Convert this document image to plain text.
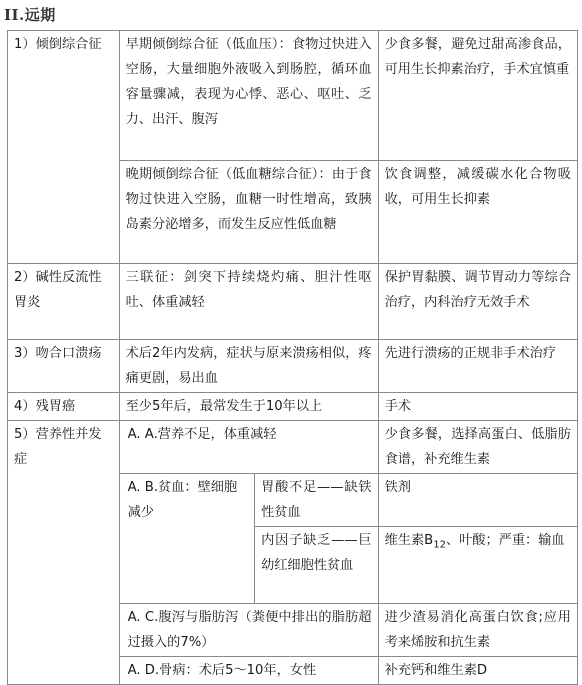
II.远期
1）倾倒综合征	早期倾倒综合征（低血压）：食物过快进入空肠，大量细胞外液吸入到肠腔，循环血容量骤减，表现为心悸、恶心、呕吐、乏力、出汗、腹泻		少食多餐，避免过甜高渗食品，可用生长抑素治疗，手术宜慎重
	晚期倾倒综合征（低血糖综合征）：由于食物过快进入空肠，血糖一时性增高，致胰岛素分泌增多，而发生反应性低血糖		饮食调整，减缓碳水化合物吸收，可用生长抑素
2）碱性反流性胃炎	三联征：剑突下持续烧灼痛、胆汁性呕吐、体重减轻		保护胃黏膜、调节胃动力等综合治疗，内科治疗无效手术
3）吻合口溃疡	术后2年内发病，症状与原来溃疡相似，疼痛更剧，易出血		先进行溃疡的正规非手术治疗
4）残胃癌	至少5年后，最常发生于10年以上		手术
5）营养性并发症	A. A.营养不足，体重减轻		少食多餐，选择高蛋白、低脂肪食谱，补充维生素
	A. B.贫血：壁细胞减少	胃酸不足——缺铁性贫血	铁剂
		内因子缺乏——巨幼红细胞性贫血	维生素$B_{12}$、叶酸；严重：输血
	A. C.腹泻与脂肪泻（粪便中排出的脂肪超过摄入的7%）		进少渣易消化高蛋白饮食;应用考来烯胺和抗生素
	A. D.骨病：术后5～10年，女性		补充钙和维生素D
